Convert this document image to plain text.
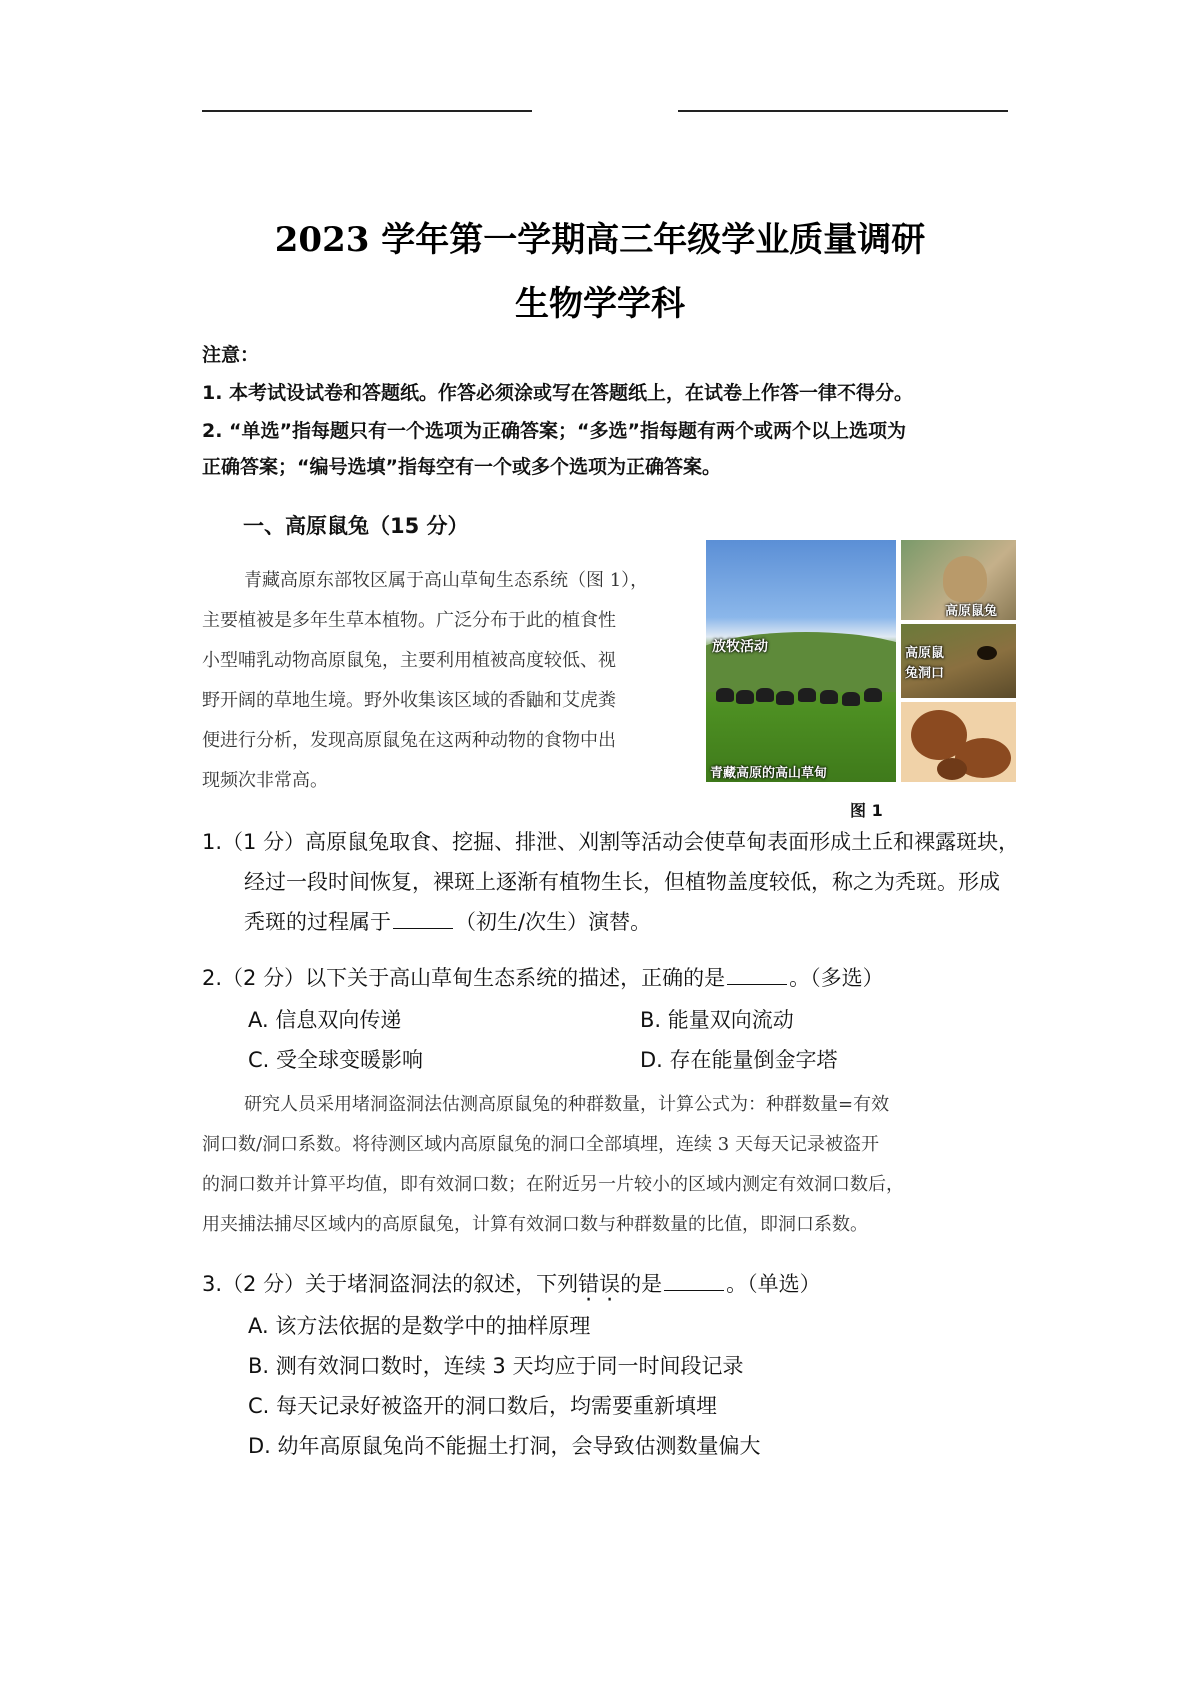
2023 学年第一学期高三年级学业质量调研
生物学学科
注意：
1. 本考试设试卷和答题纸。作答必须涂或写在答题纸上，在试卷上作答一律不得分。
2. “单选”指每题只有一个选项为正确答案；“多选”指每题有两个或两个以上选项为
正确答案；“编号选填”指每空有一个或多个选项为正确答案。
一、高原鼠兔（15 分）
青藏高原东部牧区属于高山草甸生态系统（图 1），
主要植被是多年生草本植物。广泛分布于此的植食性
小型哺乳动物高原鼠兔，主要利用植被高度较低、视
野开阔的草地生境。野外收集该区域的香鼬和艾虎粪
便进行分析，发现高原鼠兔在这两种动物的食物中出
现频次非常高。
放牧活动
青藏高原的高山草甸
高原鼠兔
高原鼠
兔洞口
图 1
1.（1 分）高原鼠兔取食、挖掘、排泄、刈割等活动会使草甸表面形成土丘和裸露斑块，
经过一段时间恢复，裸斑上逐渐有植物生长，但植物盖度较低，称之为秃斑。形成
秃斑的过程属于	（初生/次生）演替。
2.（2 分）以下关于高山草甸生态系统的描述，正确的是	。（多选）
A. 信息双向传递	B. 能量双向流动
C. 受全球变暖影响	D. 存在能量倒金字塔
研究人员采用堵洞盗洞法估测高原鼠兔的种群数量，计算公式为：种群数量=有效
洞口数/洞口系数。将待测区域内高原鼠兔的洞口全部填埋，连续 3 天每天记录被盗开
的洞口数并计算平均值，即有效洞口数；在附近另一片较小的区域内测定有效洞口数后，
用夹捕法捕尽区域内的高原鼠兔，计算有效洞口数与种群数量的比值，即洞口系数。
3.（2 分）关于堵洞盗洞法的叙述，下列错误的是	。（单选）
A. 该方法依据的是数学中的抽样原理
B. 测有效洞口数时，连续 3 天均应于同一时间段记录
C. 每天记录好被盗开的洞口数后，均需要重新填埋
D. 幼年高原鼠兔尚不能掘土打洞，会导致估测数量偏大
